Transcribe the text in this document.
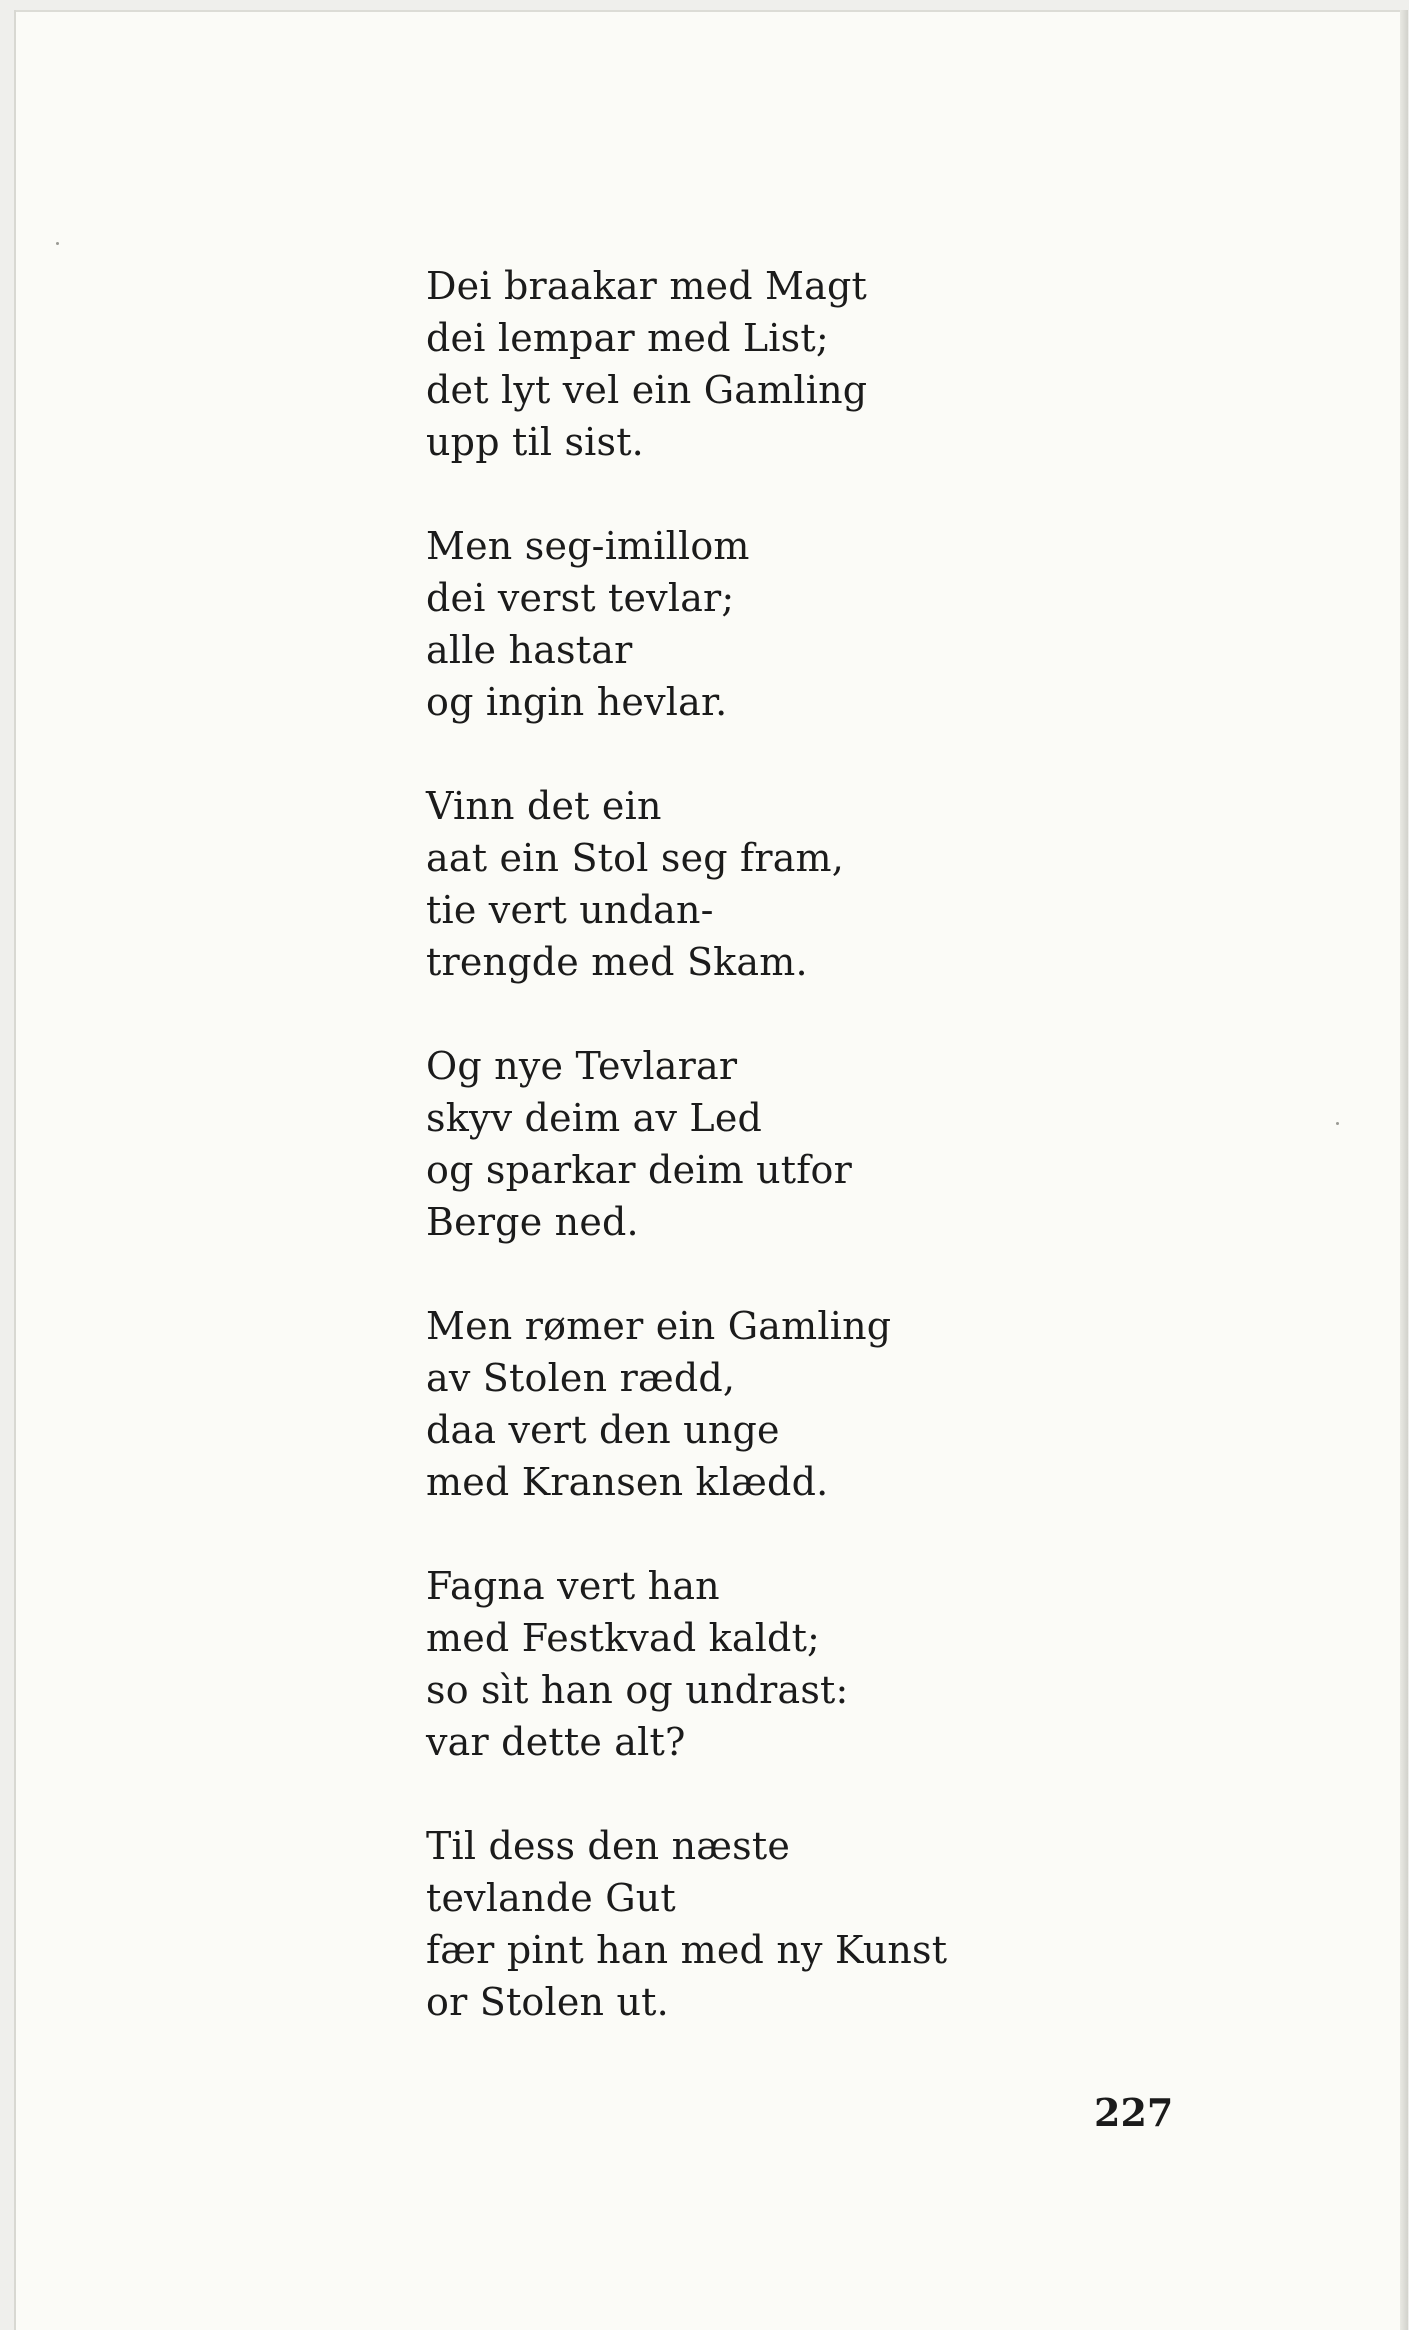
Dei braakar med Magt
dei lempar med List;
det lyt vel ein Gamling
upp til sist.
Men seg-imillom
dei verst tevlar;
alle hastar
og ingin hevlar.
Vinn det ein
aat ein Stol seg fram,
tie vert undan-
trengde med Skam.
Og nye Tevlarar
skyv deim av Led
og sparkar deim utfor
Berge ned.
Men rømer ein Gamling
av Stolen rædd,
daa vert den unge
med Kransen klædd.
Fagna vert han
med Festkvad kaldt;
so sìt han og undrast:
var dette alt?
Til dess den næste
tevlande Gut
fær pint han med ny Kunst
or Stolen ut.
227
